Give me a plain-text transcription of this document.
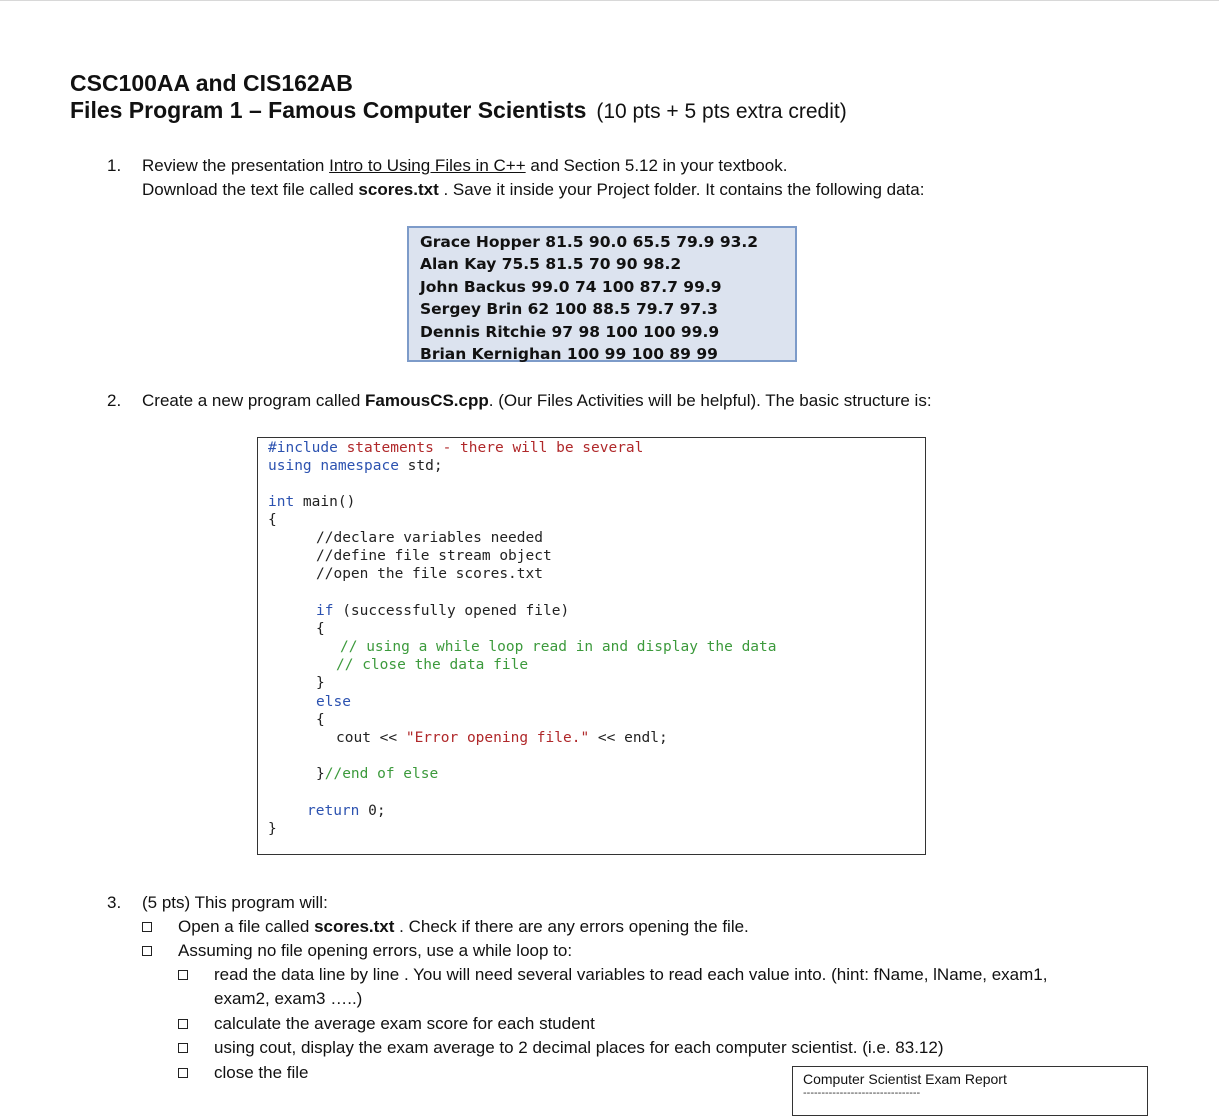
CSC100AA and CIS162AB
Files Program 1 – Famous Computer Scientists (10 pts + 5 pts extra credit)
1. Review the presentation Intro to Using Files in C++ and Section 5.12 in your textbook.
Download the text file called scores.txt . Save it inside your Project folder. It contains the following data:
Grace Hopper 81.5 90.0 65.5 79.9 93.2
Alan Kay 75.5 81.5 70 90 98.2
John Backus 99.0 74 100 87.7 99.9
Sergey Brin 62 100 88.5 79.7 97.3
Dennis Ritchie 97 98 100 100 99.9
Brian Kernighan 100 99 100 89 99
2. Create a new program called FamousCS.cpp. (Our Files Activities will be helpful). The basic structure is:
#include statements - there will be several
using namespace std;
int main()
{
//declare variables needed
//define file stream object
//open the file scores.txt
if (successfully opened file)
{
// using a while loop read in and display the data
// close the data file
}
else
{
cout << "Error opening file." << endl;
}//end of else
return 0;
}
3. (5 pts) This program will:
Open a file called scores.txt . Check if there are any errors opening the file.
Assuming no file opening errors, use a while loop to:
read the data line by line . You will need several variables to read each value into. (hint: fName, lName, exam1,
exam2, exam3 …..)
calculate the average exam score for each student
using cout, display the exam average to 2 decimal places for each computer scientist. (i.e. 83.12)
close the file	Computer Scientist Exam Report
--------------------------------
